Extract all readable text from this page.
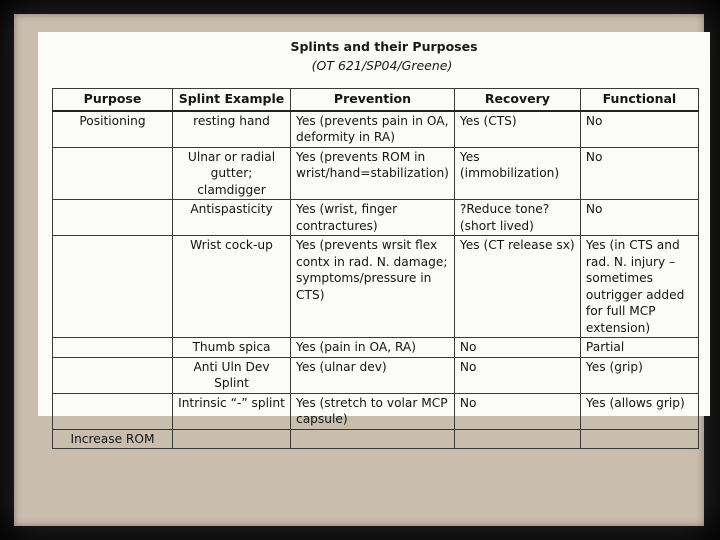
Splints and their Purposes
(OT 621/SP04/Greene)
Purpose	Splint Example	Prevention	Recovery	Functional
Positioning	resting hand	Yes (prevents pain in OA, deformity in RA)	Yes (CTS)	No
	Ulnar or radial gutter; clamdigger	Yes (prevents ROM in wrist/hand=stabilization)	Yes (immobilization)	No
	Antispasticity	Yes (wrist, finger contractures)	?Reduce tone? (short lived)	No
	Wrist cock-up	Yes (prevents wrsit flex contx in rad. N. damage; symptoms/pressure in CTS)	Yes (CT release sx)	Yes (in CTS and rad. N. injury – sometimes outrigger added for full MCP extension)
	Thumb spica	Yes (pain in OA, RA)	No	Partial
	Anti Uln Dev Splint	Yes (ulnar dev)	No	Yes (grip)
	Intrinsic “-” splint	Yes (stretch to volar MCP capsule)	No	Yes (allows grip)
Increase ROM				
